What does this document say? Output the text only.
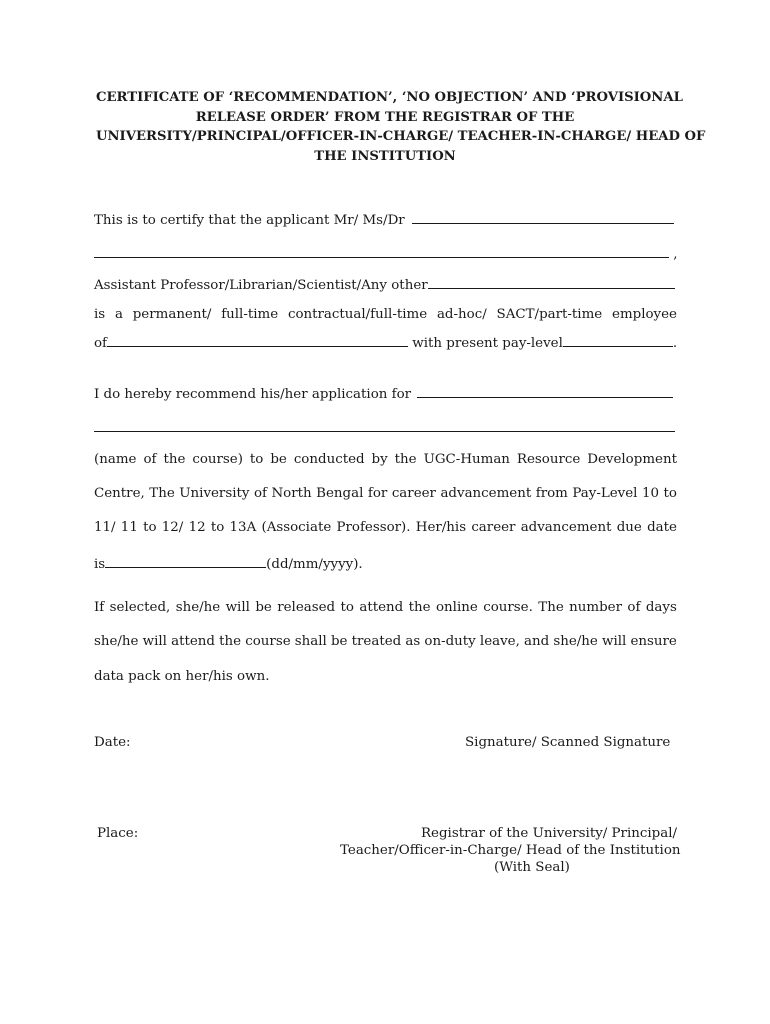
CERTIFICATE OF ‘RECOMMENDATION’, ‘NO OBJECTION’ AND ‘PROVISIONAL
RELEASE ORDER’ FROM THE REGISTRAR OF THE
UNIVERSITY/PRINCIPAL/OFFICER-IN-CHARGE/ TEACHER-IN-CHARGE/ HEAD OF
THE INSTITUTION
This is to certify that the applicant Mr/ Ms/Dr
,
Assistant Professor/Librarian/Scientist/Any other
is a permanent/ full-time contractual/full-time ad-hoc/ SACT/part-time employee
of	with present pay-level	.
I do hereby recommend his/her application for
(name of the course) to be conducted by the UGC-Human Resource Development
Centre, The University of North Bengal for career advancement from Pay-Level 10 to
11/ 11 to 12/ 12 to 13A (Associate Professor). Her/his career advancement due date
is	(dd/mm/yyyy).
If selected, she/he will be released to attend the online course. The number of days
she/he will attend the course shall be treated as on-duty leave, and she/he will ensure
data pack on her/his own.
Date:	Signature/ Scanned Signature
Place:	Registrar of the University/ Principal/
Teacher/Officer-in-Charge/ Head of the Institution
(With Seal)
